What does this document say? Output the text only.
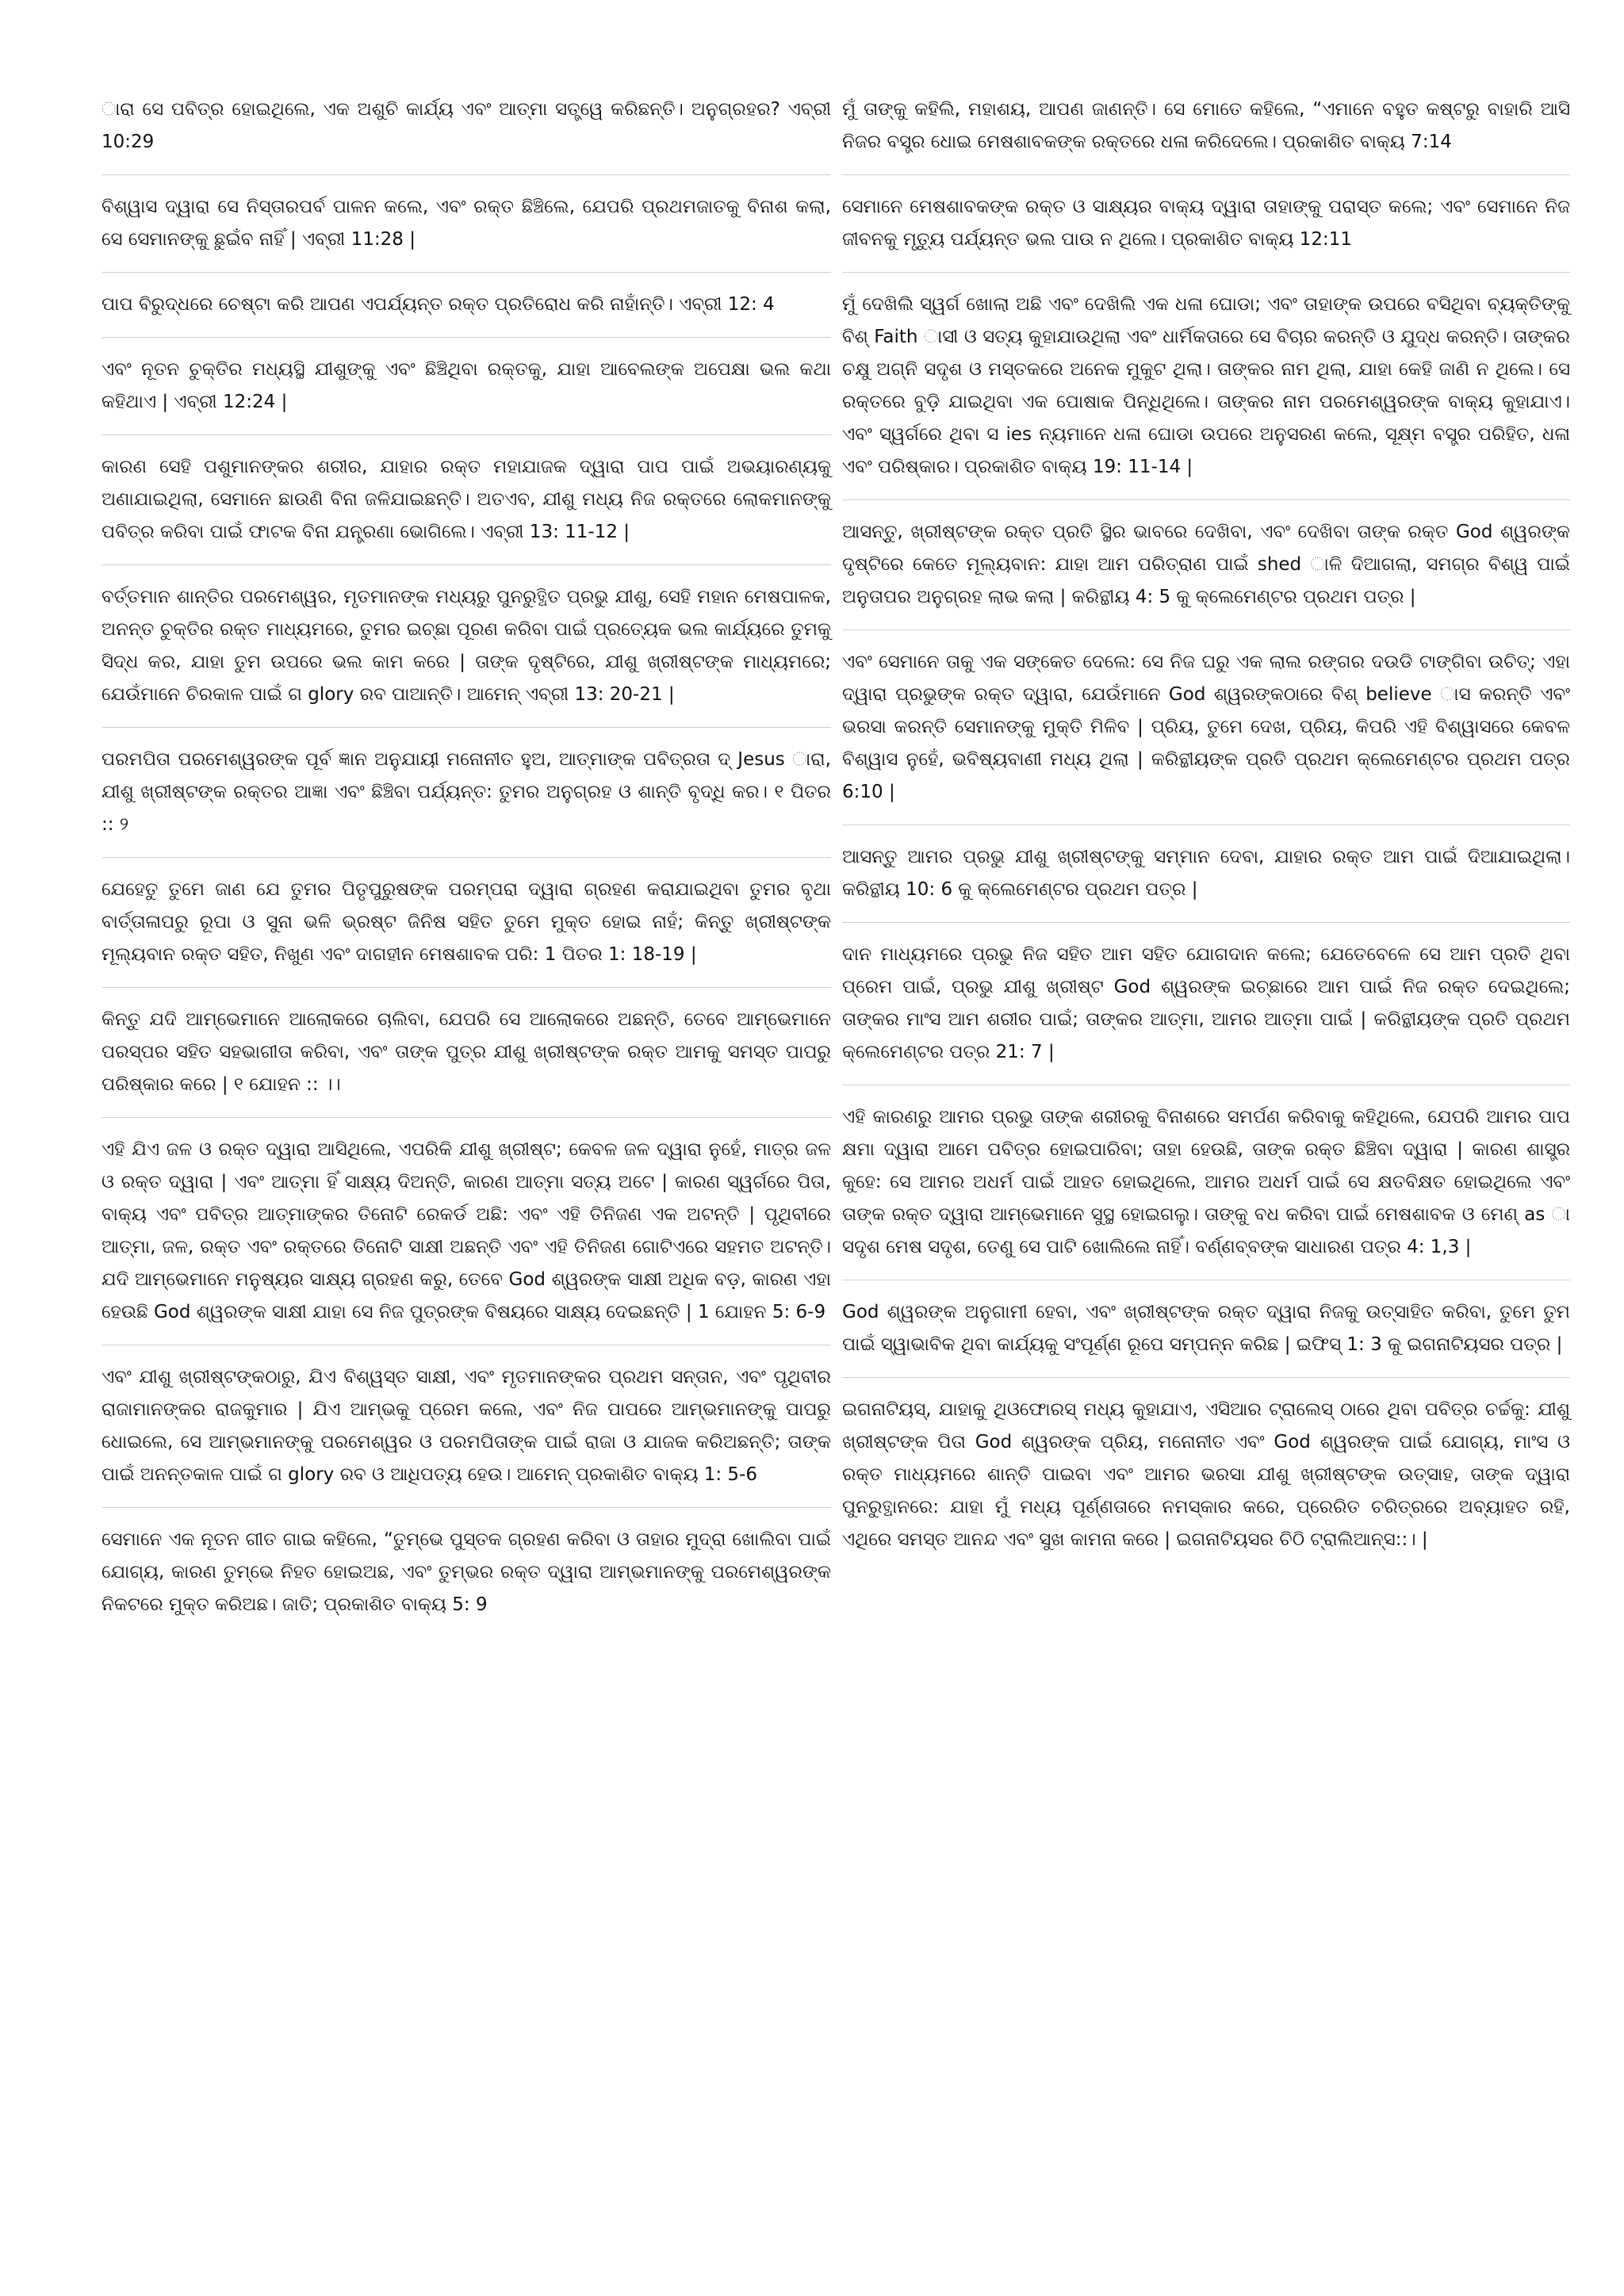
ାରା ସେ ପବିତ୍ର ହୋଇଥିଲେ, ଏକ ଅଶୁଚି କାର୍ଯ୍ୟ ଏବଂ ଆତ୍ମା ସତ୍ତ୍ୱେ କରିଛନ୍ତି। ଅନୁଗ୍ରହର? ଏବ୍ରୀ 10:29

ବିଶ୍ୱାସ ଦ୍ୱାରା ସେ ନିସ୍ତାରପର୍ବ ପାଳନ କଲେ, ଏବଂ ରକ୍ତ ଛିଞ୍ଚିଲେ, ଯେପରି ପ୍ରଥମଜାତକୁ ବିନାଶ କଲା, ସେ ସେମାନଙ୍କୁ ଛୁଇଁବ ନାହିଁ | ଏବ୍ରୀ 11:28 |

ପାପ ବିରୁଦ୍ଧରେ ଚେଷ୍ଟା କରି ଆପଣ ଏପର୍ଯ୍ୟନ୍ତ ରକ୍ତ ପ୍ରତିରୋଧ କରି ନାହାଁନ୍ତି। ଏବ୍ରୀ 12: 4

ଏବଂ ନୂତନ ଚୁକ୍ତିର ମଧ୍ୟସ୍ଥି ଯୀଶୁଙ୍କୁ ଏବଂ ଛିଞ୍ଚିଥିବା ରକ୍ତକୁ, ଯାହା ଆବେଲଙ୍କ ଅପେକ୍ଷା ଭଲ କଥା କହିଥାଏ | ଏବ୍ରୀ 12:24 |

କାରଣ ସେହି ପଶୁମାନଙ୍କର ଶରୀର, ଯାହାର ରକ୍ତ ମହାଯାଜକ ଦ୍ୱାରା ପାପ ପାଇଁ ଅଭୟାରଣ୍ୟକୁ ଅଣାଯାଇଥିଲା, ସେମାନେ ଛାଉଣି ବିନା ଜଳିଯାଇଛନ୍ତି। ଅତଏବ, ଯୀଶୁ ମଧ୍ୟ ନିଜ ରକ୍ତରେ ଲୋକମାନଙ୍କୁ ପବିତ୍ର କରିବା ପାଇଁ ଫାଟକ ବିନା ଯନ୍ତ୍ରଣା ଭୋଗିଲେ। ଏବ୍ରୀ 13: 11-12 |

ବର୍ତ୍ତମାନ ଶାନ୍ତିର ପରମେଶ୍ୱର, ମୃତମାନଙ୍କ ମଧ୍ୟରୁ ପୁନରୁତ୍ଥିତ ପ୍ରଭୁ ଯୀଶୁ, ସେହି ମହାନ ମେଷପାଳକ, ଅନନ୍ତ ଚୁକ୍ତିର ରକ୍ତ ମାଧ୍ୟମରେ, ତୁମର ଇଚ୍ଛା ପୂରଣ କରିବା ପାଇଁ ପ୍ରତ୍ୟେକ ଭଲ କାର୍ଯ୍ୟରେ ତୁମକୁ ସିଦ୍ଧ କର, ଯାହା ତୁମ ଉପରେ ଭଲ କାମ କରେ | ତାଙ୍କ ଦୃଷ୍ଟିରେ, ଯୀଶୁ ଖ୍ରୀଷ୍ଟଙ୍କ ମାଧ୍ୟମରେ; ଯେଉଁମାନେ ଚିରକାଳ ପାଇଁ ଗ glory ରବ ପାଆନ୍ତି। ଆମେନ୍ ଏବ୍ରୀ 13: 20-21 |

ପରମପିତା ପରମେଶ୍ୱରଙ୍କ ପୂର୍ବ ଜ୍ଞାନ ଅନୁଯାୟୀ ମନୋନୀତ ହୁଅ, ଆତ୍ମାଙ୍କ ପବିତ୍ରତା ଦ୍ Jesus ାରା, ଯୀଶୁ ଖ୍ରୀଷ୍ଟଙ୍କ ରକ୍ତର ଆଜ୍ଞା ଏବଂ ଛିଞ୍ଚିବା ପର୍ଯ୍ୟନ୍ତ: ତୁମର ଅନୁଗ୍ରହ ଓ ଶାନ୍ତି ବୃଦ୍ଧି କର। ୧ ପିତର :: ୨

ଯେହେତୁ ତୁମେ ଜାଣ ଯେ ତୁମର ପିତୃପୁରୁଷଙ୍କ ପରମ୍ପରା ଦ୍ୱାରା ଗ୍ରହଣ କରାଯାଇଥିବା ତୁମର ବୃଥା ବାର୍ତ୍ତାଳାପରୁ ରୂପା ଓ ସୁନା ଭଳି ଭ୍ରଷ୍ଟ ଜିନିଷ ସହିତ ତୁମେ ମୁକ୍ତ ହୋଇ ନାହଁ; କିନ୍ତୁ ଖ୍ରୀଷ୍ଟଙ୍କ ମୂଲ୍ୟବାନ ରକ୍ତ ସହିତ, ନିଖୁଣ ଏବଂ ଦାଗହୀନ ମେଷଶାବକ ପରି: 1 ପିତର 1: 18-19 |

କିନ୍ତୁ ଯଦି ଆମ୍ଭେମାନେ ଆଲୋକରେ ଚାଲିବା, ଯେପରି ସେ ଆଲୋକରେ ଅଛନ୍ତି, ତେବେ ଆମ୍ଭେମାନେ ପରସ୍ପର ସହିତ ସହଭାଗୀତା କରିବା, ଏବଂ ତାଙ୍କ ପୁତ୍ର ଯୀଶୁ ଖ୍ରୀଷ୍ଟଙ୍କ ରକ୍ତ ଆମକୁ ସମସ୍ତ ପାପରୁ ପରିଷ୍କାର କରେ | ୧ ଯୋହନ :: ।।

ଏହି ଯିଏ ଜଳ ଓ ରକ୍ତ ଦ୍ୱାରା ଆସିଥିଲେ, ଏପରିକି ଯୀଶୁ ଖ୍ରୀଷ୍ଟ; କେବଳ ଜଳ ଦ୍ୱାରା ନୁହେଁ, ମାତ୍ର ଜଳ ଓ ରକ୍ତ ଦ୍ୱାରା | ଏବଂ ଆତ୍ମା ହିଁ ସାକ୍ଷ୍ୟ ଦିଅନ୍ତି, କାରଣ ଆତ୍ମା ସତ୍ୟ ଅଟେ | କାରଣ ସ୍ୱର୍ଗରେ ପିତା, ବାକ୍ୟ ଏବଂ ପବିତ୍ର ଆତ୍ମାଙ୍କର ତିନୋଟି ରେକର୍ଡ ଅଛି: ଏବଂ ଏହି ତିନିଜଣ ଏକ ଅଟନ୍ତି | ପୃଥିବୀରେ ଆତ୍ମା, ଜଳ, ରକ୍ତ ଏବଂ ରକ୍ତରେ ତିନୋଟି ସାକ୍ଷୀ ଅଛନ୍ତି ଏବଂ ଏହି ତିନିଜଣ ଗୋଟିଏରେ ସହମତ ଅଟନ୍ତି। ଯଦି ଆମ୍ଭେମାନେ ମନୁଷ୍ୟର ସାକ୍ଷ୍ୟ ଗ୍ରହଣ କରୁ, ତେବେ God ଶ୍ୱରଙ୍କ ସାକ୍ଷୀ ଅଧିକ ବଡ଼, କାରଣ ଏହା ହେଉଛି God ଶ୍ୱରଙ୍କ ସାକ୍ଷୀ ଯାହା ସେ ନିଜ ପୁତ୍ରଙ୍କ ବିଷୟରେ ସାକ୍ଷ୍ୟ ଦେଇଛନ୍ତି | 1 ଯୋହନ 5: 6-9

ଏବଂ ଯୀଶୁ ଖ୍ରୀଷ୍ଟଙ୍କଠାରୁ, ଯିଏ ବିଶ୍ୱସ୍ତ ସାକ୍ଷୀ, ଏବଂ ମୃତମାନଙ୍କର ପ୍ରଥମ ସନ୍ତାନ, ଏବଂ ପୃଥିବୀର ରାଜାମାନଙ୍କର ରାଜକୁମାର | ଯିଏ ଆମ୍ଭକୁ ପ୍ରେମ କଲେ, ଏବଂ ନିଜ ପାପରେ ଆମ୍ଭମାନଙ୍କୁ ପାପରୁ ଧୋଇଲେ, ସେ ଆମ୍ଭମାନଙ୍କୁ ପରମେଶ୍ୱର ଓ ପରମପିତାଙ୍କ ପାଇଁ ରାଜା ଓ ଯାଜକ କରିଅଛନ୍ତି; ତାଙ୍କ ପାଇଁ ଅନନ୍ତକାଳ ପାଇଁ ଗ glory ରବ ଓ ଆଧିପତ୍ୟ ହେଉ। ଆମେନ୍ ପ୍ରକାଶିତ ବାକ୍ୟ 1: 5-6

ସେମାନେ ଏକ ନୂତନ ଗୀତ ଗାଇ କହିଲେ, “ତୁମ୍ଭେ ପୁସ୍ତକ ଗ୍ରହଣ କରିବା ଓ ତାହାର ମୁଦ୍ରା ଖୋଲିବା ପାଇଁ ଯୋଗ୍ୟ, କାରଣ ତୁମ୍ଭେ ନିହତ ହୋଇଅଛ, ଏବଂ ତୁମ୍ଭର ରକ୍ତ ଦ୍ୱାରା ଆମ୍ଭମାନଙ୍କୁ ପରମେଶ୍ୱରଙ୍କ ନିକଟରେ ମୁକ୍ତ କରିଅଛ। ଜାତି; ପ୍ରକାଶିତ ବାକ୍ୟ 5: 9

ମୁଁ ତାଙ୍କୁ କହିଲି, ମହାଶୟ, ଆପଣ ଜାଣନ୍ତି। ସେ ମୋତେ କହିଲେ, “ଏମାନେ ବହୁତ କଷ୍ଟରୁ ବାହାରି ଆସି ନିଜର ବସ୍ତ୍ର ଧୋଇ ମେଷଶାବକଙ୍କ ରକ୍ତରେ ଧଳା କରିଦେଲେ। ପ୍ରକାଶିତ ବାକ୍ୟ 7:14

ସେମାନେ ମେଷଶାବକଙ୍କ ରକ୍ତ ଓ ସାକ୍ଷ୍ୟର ବାକ୍ୟ ଦ୍ୱାରା ତାହାଙ୍କୁ ପରାସ୍ତ କଲେ; ଏବଂ ସେମାନେ ନିଜ ଜୀବନକୁ ମୃତ୍ୟୁ ପର୍ଯ୍ୟନ୍ତ ଭଲ ପାଉ ନ ଥିଲେ। ପ୍ରକାଶିତ ବାକ୍ୟ 12:11

ମୁଁ ଦେଖିଲି ସ୍ୱର୍ଗ ଖୋଲା ଅଛି ଏବଂ ଦେଖିଲି ଏକ ଧଳା ଘୋଡା; ଏବଂ ତାହାଙ୍କ ଉପରେ ବସିଥିବା ବ୍ୟକ୍ତିଙ୍କୁ ବିଶ୍ Faith ାସୀ ଓ ସତ୍ୟ କୁହାଯାଉଥିଲା ଏବଂ ଧାର୍ମିକତାରେ ସେ ବିଚାର କରନ୍ତି ଓ ଯୁଦ୍ଧ କରନ୍ତି। ତାଙ୍କର ଚକ୍ଷୁ ଅଗ୍ନି ସଦୃଶ ଓ ମସ୍ତକରେ ଅନେକ ମୁକୁଟ ଥିଲା। ତାଙ୍କର ନାମ ଥିଲା, ଯାହା କେହି ଜାଣି ନ ଥିଲେ। ସେ ରକ୍ତରେ ବୁଡ଼ି ଯାଇଥିବା ଏକ ପୋଷାକ ପିନ୍ଧିଥିଲେ। ତାଙ୍କର ନାମ ପରମେଶ୍ୱରଙ୍କ ବାକ୍ୟ କୁହାଯାଏ। ଏବଂ ସ୍ୱର୍ଗରେ ଥିବା ସ ies ନ୍ୟମାନେ ଧଳା ଘୋଡା ଉପରେ ଅନୁସରଣ କଲେ, ସୂକ୍ଷ୍ମ ବସ୍ତ୍ର ପରିହିତ, ଧଳା ଏବଂ ପରିଷ୍କାର। ପ୍ରକାଶିତ ବାକ୍ୟ 19: 11-14 |

ଆସନ୍ତୁ, ଖ୍ରୀଷ୍ଟଙ୍କ ରକ୍ତ ପ୍ରତି ସ୍ଥିର ଭାବରେ ଦେଖିବା, ଏବଂ ଦେଖିବା ତାଙ୍କ ରକ୍ତ God ଶ୍ୱରଙ୍କ ଦୃଷ୍ଟିରେ କେତେ ମୂଲ୍ୟବାନ: ଯାହା ଆମ ପରିତ୍ରାଣ ପାଇଁ shed ାଳି ଦିଆଗଲା, ସମଗ୍ର ବିଶ୍ୱ ପାଇଁ ଅନୁତାପର ଅନୁଗ୍ରହ ଲାଭ କଲା | କରିନ୍ଥୀୟ 4: 5 କୁ କ୍ଲେମେଣ୍ଟର ପ୍ରଥମ ପତ୍ର |

ଏବଂ ସେମାନେ ତାକୁ ଏକ ସଙ୍କେତ ଦେଲେ: ସେ ନିଜ ଘରୁ ଏକ ଲାଲ ରଙ୍ଗର ଦଉଡି ଟାଙ୍ଗିବା ଉଚିତ୍; ଏହା ଦ୍ୱାରା ପ୍ରଭୁଙ୍କ ରକ୍ତ ଦ୍ୱାରା, ଯେଉଁମାନେ God ଶ୍ୱରଙ୍କଠାରେ ବିଶ୍ believe ାସ କରନ୍ତି ଏବଂ ଭରସା କରନ୍ତି ସେମାନଙ୍କୁ ମୁକ୍ତି ମିଳିବ | ପ୍ରିୟ, ତୁମେ ଦେଖ, ପ୍ରିୟ, କିପରି ଏହି ବିଶ୍ୱାସରେ କେବଳ ବିଶ୍ୱାସ ନୁହେଁ, ଭବିଷ୍ୟବାଣୀ ମଧ୍ୟ ଥିଲା | କରିନ୍ଥୀୟଙ୍କ ପ୍ରତି ପ୍ରଥମ କ୍ଲେମେଣ୍ଟର ପ୍ରଥମ ପତ୍ର 6:10 |

ଆସନ୍ତୁ ଆମର ପ୍ରଭୁ ଯୀଶୁ ଖ୍ରୀଷ୍ଟଙ୍କୁ ସମ୍ମାନ ଦେବା, ଯାହାର ରକ୍ତ ଆମ ପାଇଁ ଦିଆଯାଇଥିଲା। କରିନ୍ଥୀୟ 10: 6 କୁ କ୍ଲେମେଣ୍ଟର ପ୍ରଥମ ପତ୍ର |

ଦାନ ମାଧ୍ୟମରେ ପ୍ରଭୁ ନିଜ ସହିତ ଆମ ସହିତ ଯୋଗଦାନ କଲେ; ଯେତେବେଳେ ସେ ଆମ ପ୍ରତି ଥିବା ପ୍ରେମ ପାଇଁ, ପ୍ରଭୁ ଯୀଶୁ ଖ୍ରୀଷ୍ଟ God ଶ୍ୱରଙ୍କ ଇଚ୍ଛାରେ ଆମ ପାଇଁ ନିଜ ରକ୍ତ ଦେଇଥିଲେ; ତାଙ୍କର ମାଂସ ଆମ ଶରୀର ପାଇଁ; ତାଙ୍କର ଆତ୍ମା, ଆମର ଆତ୍ମା ପାଇଁ | କରିନ୍ଥୀୟଙ୍କ ପ୍ରତି ପ୍ରଥମ କ୍ଲେମେଣ୍ଟର ପତ୍ର 21: 7 |

ଏହି କାରଣରୁ ଆମର ପ୍ରଭୁ ତାଙ୍କ ଶରୀରକୁ ବିନାଶରେ ସମର୍ପଣ କରିବାକୁ କହିଥିଲେ, ଯେପରି ଆମର ପାପ କ୍ଷମା ଦ୍ୱାରା ଆମେ ପବିତ୍ର ହୋଇପାରିବା; ତାହା ହେଉଛି, ତାଙ୍କ ରକ୍ତ ଛିଞ୍ଚିବା ଦ୍ୱାରା | କାରଣ ଶାସ୍ତ୍ର କୁହେ: ସେ ଆମର ଅଧର୍ମ ପାଇଁ ଆହତ ହୋଇଥିଲେ, ଆମର ଅଧର୍ମ ପାଇଁ ସେ କ୍ଷତବିକ୍ଷତ ହୋଇଥିଲେ ଏବଂ ତାଙ୍କ ରକ୍ତ ଦ୍ୱାରା ଆମ୍ଭେମାନେ ସୁସ୍ଥ ହୋଇଗଲୁ। ତାଙ୍କୁ ବଧ କରିବା ପାଇଁ ମେଷଶାବକ ଓ ମେଣ୍ as ା ସଦୃଶ ମେଷ ସଦୃଶ, ତେଣୁ ସେ ପାଟି ଖୋଲିଲେ ନାହିଁ। ବର୍ଣ୍ଣବ୍ବଙ୍କ ସାଧାରଣ ପତ୍ର 4: 1,3 |

God ଶ୍ୱରଙ୍କ ଅନୁଗାମୀ ହେବା, ଏବଂ ଖ୍ରୀଷ୍ଟଙ୍କ ରକ୍ତ ଦ୍ୱାରା ନିଜକୁ ଉତ୍ସାହିତ କରିବା, ତୁମେ ତୁମ ପାଇଁ ସ୍ୱାଭାବିକ ଥିବା କାର୍ଯ୍ୟକୁ ସଂପୂର୍ଣ୍ଣ ରୂପେ ସମ୍ପନ୍ନ କରିଛ | ଇଫିସ୍ 1: 3 କୁ ଇଗନାଟିୟସର ପତ୍ର |

ଇଗନାଟିୟସ୍, ଯାହାକୁ ଥିଓଫୋରସ୍ ମଧ୍ୟ କୁହାଯାଏ, ଏସିଆର ଟ୍ରାଲେସ୍ ଠାରେ ଥିବା ପବିତ୍ର ଚର୍ଚ୍ଚକୁ: ଯୀଶୁ ଖ୍ରୀଷ୍ଟଙ୍କ ପିତା God ଶ୍ୱରଙ୍କ ପ୍ରିୟ, ମନୋନୀତ ଏବଂ God ଶ୍ୱରଙ୍କ ପାଇଁ ଯୋଗ୍ୟ, ମାଂସ ଓ ରକ୍ତ ମାଧ୍ୟମରେ ଶାନ୍ତି ପାଇବା ଏବଂ ଆମର ଭରସା ଯୀଶୁ ଖ୍ରୀଷ୍ଟଙ୍କ ଉତ୍ସାହ, ତାଙ୍କ ଦ୍ୱାରା ପୁନରୁତ୍ଥାନରେ: ଯାହା ମୁଁ ମଧ୍ୟ ପୂର୍ଣ୍ଣତାରେ ନମସ୍କାର କରେ, ପ୍ରେରିତ ଚରିତ୍ରରେ ଅବ୍ୟାହତ ରହି, ଏଥିରେ ସମସ୍ତ ଆନନ୍ଦ ଏବଂ ସୁଖ କାମନା କରେ | ଇଗନାଟିୟସର ଚିଠି ଟ୍ରାଲିଆନ୍ସ::। |
